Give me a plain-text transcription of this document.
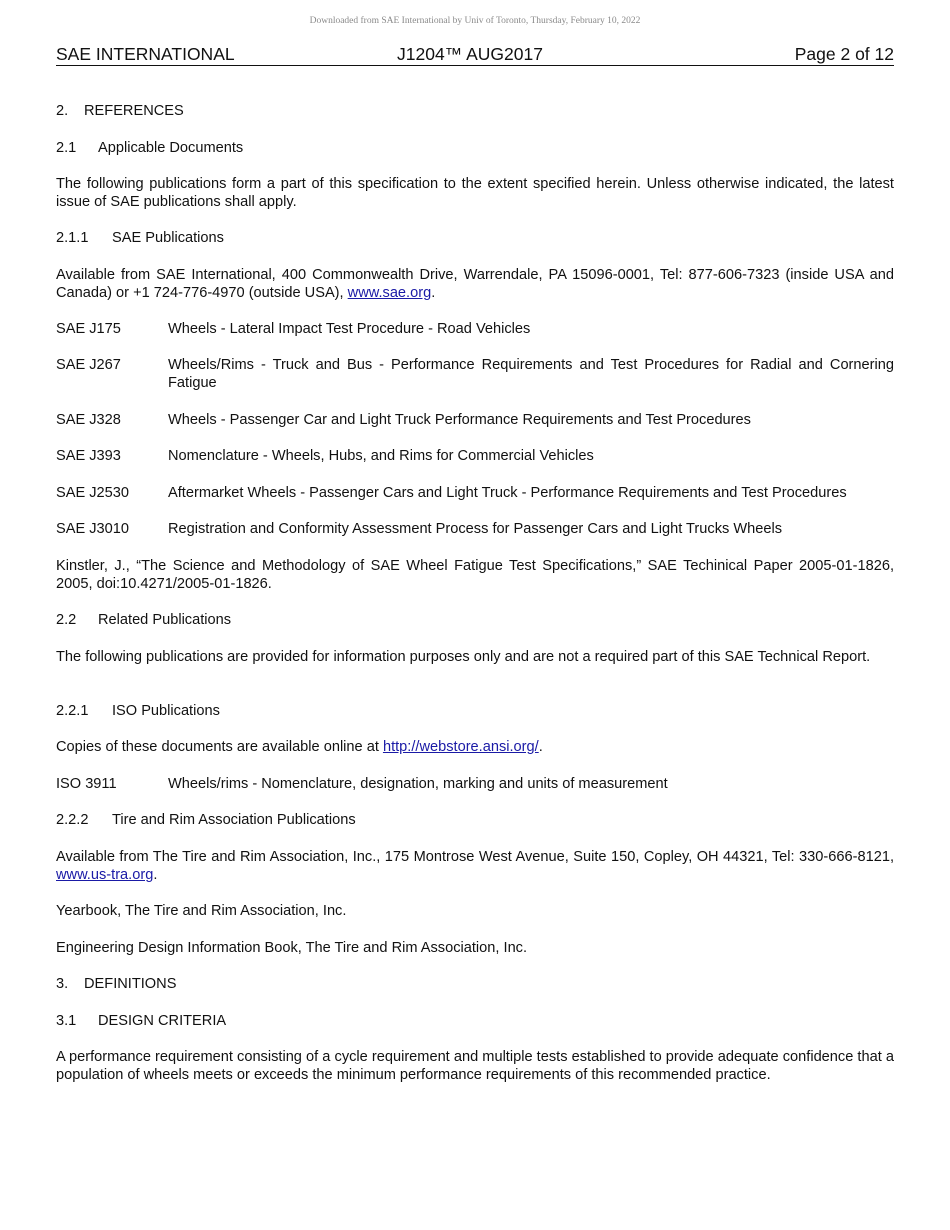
Downloaded from SAE International by Univ of Toronto, Thursday, February 10, 2022
SAE INTERNATIONAL	J1204™ AUG2017	Page 2 of 12
2. REFERENCES
2.1 Applicable Documents
The following publications form a part of this specification to the extent specified herein. Unless otherwise indicated, the latest issue of SAE publications shall apply.
2.1.1 SAE Publications
Available from SAE International, 400 Commonwealth Drive, Warrendale, PA 15096-0001, Tel: 877-606-7323 (inside USA and Canada) or +1 724-776-4970 (outside USA), www.sae.org.
SAE J175	Wheels - Lateral Impact Test Procedure - Road Vehicles
SAE J267	Wheels/Rims - Truck and Bus - Performance Requirements and Test Procedures for Radial and Cornering Fatigue
SAE J328	Wheels - Passenger Car and Light Truck Performance Requirements and Test Procedures
SAE J393	Nomenclature - Wheels, Hubs, and Rims for Commercial Vehicles
SAE J2530	Aftermarket Wheels - Passenger Cars and Light Truck - Performance Requirements and Test Procedures
SAE J3010	Registration and Conformity Assessment Process for Passenger Cars and Light Trucks Wheels
Kinstler, J., “The Science and Methodology of SAE Wheel Fatigue Test Specifications,” SAE Techinical Paper 2005-01-1826, 2005, doi:10.4271/2005-01-1826.
2.2 Related Publications
The following publications are provided for information purposes only and are not a required part of this SAE Technical Report.
2.2.1 ISO Publications
Copies of these documents are available online at http://webstore.ansi.org/.
ISO 3911	Wheels/rims - Nomenclature, designation, marking and units of measurement
2.2.2 Tire and Rim Association Publications
Available from The Tire and Rim Association, Inc., 175 Montrose West Avenue, Suite 150, Copley, OH 44321, Tel: 330-666-8121, www.us-tra.org.
Yearbook, The Tire and Rim Association, Inc.
Engineering Design Information Book, The Tire and Rim Association, Inc.
3. DEFINITIONS
3.1 DESIGN CRITERIA
A performance requirement consisting of a cycle requirement and multiple tests established to provide adequate confidence that a population of wheels meets or exceeds the minimum performance requirements of this recommended practice.
